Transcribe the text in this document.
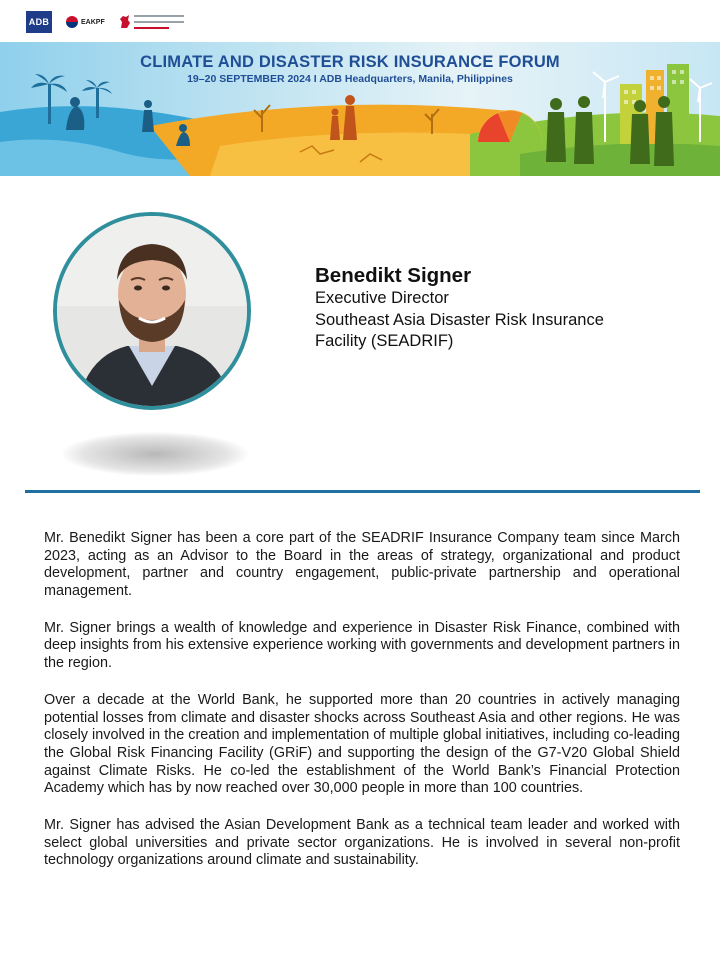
ADB	EAKPF
CLIMATE AND DISASTER RISK INSURANCE FORUM
19–20 SEPTEMBER 2024 I ADB Headquarters, Manila, Philippines
Benedikt Signer
Executive Director
Southeast Asia Disaster Risk Insurance
Facility (SEADRIF)

Mr. Benedikt Signer has been a core part of the SEADRIF Insurance Company team since March 2023, acting as an Advisor to the Board in the areas of strategy, organizational and product development, partner and country engagement, public-private partnership and operational management.

Mr. Signer brings a wealth of knowledge and experience in Disaster Risk Finance, combined with deep insights from his extensive experience working with governments and development partners in the region.

Over a decade at the World Bank, he supported more than 20 countries in actively managing potential losses from climate and disaster shocks across Southeast Asia and other regions. He was closely involved in the creation and implementation of multiple global initiatives, including co-leading the Global Risk Financing Facility (GRiF) and supporting the design of the G7-V20 Global Shield against Climate Risks. He co-led the establishment of the World Bank’s Financial Protection Academy which has by now reached over 30,000 people in more than 100 countries.

Mr. Signer has advised the Asian Development Bank as a technical team leader and worked with select global universities and private sector organizations. He is involved in several non-profit technology organizations around climate and sustainability.
